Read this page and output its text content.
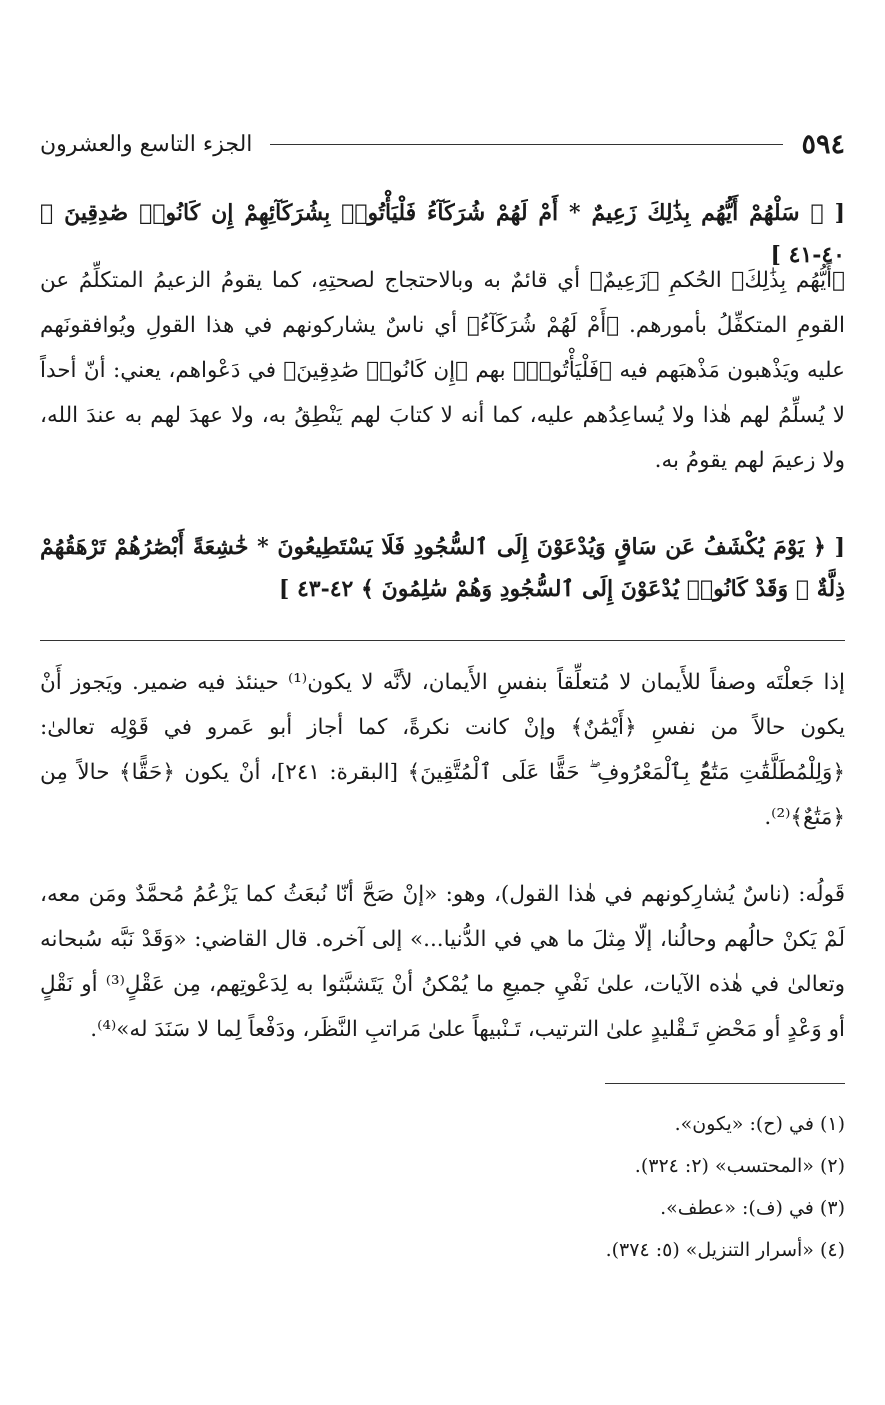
٥٩٤
الجزء التاسع والعشرون
[ ﴿ سَلْهُمْ أَيُّهُم بِذَٰلِكَ زَعِيمٌ * أَمْ لَهُمْ شُرَكَآءُ فَلْيَأْتُوا۟ بِشُرَكَآئِهِمْ إِن كَانُوا۟ صَٰدِقِينَ ﴾ ٤٠-٤١ ]
﴿أَيُّهُم بِذَٰلِكَ﴾ الحُكمِ ﴿زَعِيمٌ﴾ أي قائمٌ به وبالاحتجاج لصحتِهِ، كما يقومُ الزعيمُ المتكلِّمُ عن القومِ المتكفِّلُ بأمورهم. ﴿أَمْ لَهُمْ شُرَكَآءُ﴾ أي ناسٌ يشاركونهم في هذا القولِ ويُوافقونَهم عليه ويَذْهبون مَذْهبَهم فيه ﴿فَلْيَأْتُوا۟﴾ بهم ﴿إِن كَانُوا۟ صَٰدِقِينَ﴾ في دَعْواهم، يعني: أنّ أحداً لا يُسلِّمُ لهم هٰذا ولا يُساعِدُهم عليه، كما أنه لا كتابَ لهم يَنْطِقُ به، ولا عهدَ لهم به عندَ الله، ولا زعيمَ لهم يقومُ به.
[ ﴿ يَوْمَ يُكْشَفُ عَن سَاقٍ وَيُدْعَوْنَ إِلَى ٱلسُّجُودِ فَلَا يَسْتَطِيعُونَ * خَٰشِعَةً أَبْصَٰرُهُمْ تَرْهَقُهُمْ ذِلَّةٌ ۖ وَقَدْ كَانُوا۟ يُدْعَوْنَ إِلَى ٱلسُّجُودِ وَهُمْ سَٰلِمُونَ ﴾ ٤٢-٤٣ ]
إذا جَعلْتَه وصفاً للأَيمان لا مُتعلِّقاً بنفسِ الأَيمان، لأنَّه لا يكون⁽¹⁾ حينئذ فيه ضمير. ويَجوز أَنْ يكون حالاً من نفسِ ﴿أَيْمَٰنٌ﴾ وإنْ كانت نكرةً، كما أجاز أبو عَمرو في قَوْلِه تعالىٰ: ﴿وَلِلْمُطَلَّقَٰتِ مَتَٰعٌۢ بِٱلْمَعْرُوفِ ۖ حَقًّا عَلَى ٱلْمُتَّقِينَ﴾ [البقرة: ٢٤١]، أنْ يكون ﴿حَقًّا﴾ حالاً مِن ﴿مَتَٰعٌ﴾⁽²⁾.
قَولُه: (ناسٌ يُشارِكونهم في هٰذا القول)، وهو: «إنْ صَحَّ أنّا نُبعَثُ كما يَزْعُمُ مُحمَّدٌ ومَن معه، لَمْ يَكنْ حالُهم وحالُنا، إلّا مِثلَ ما هي في الدُّنيا...» إلى آخره. قال القاضي: «وَقَدْ نَبَّه سُبحانه وتعالىٰ في هٰذه الآيات، علىٰ نَفْيِ جميعِ ما يُمْكنُ أنْ يَتَشبَّثوا به لِدَعْوتِهم، مِن عَقْلٍ⁽³⁾ أو نَقْلٍ أو وَعْدٍ أو مَحْضِ تَـقْليدٍ علىٰ الترتيب، تَـنْبيهاً علىٰ مَراتبِ النَّظَر، ودَفْعاً لِما لا سَنَدَ له»⁽⁴⁾.
(١) في (ح): «يكون».
(٢) «المحتسب» (٢: ٣٢٤).
(٣) في (ف): «عطف».
(٤) «أسرار التنزيل» (٥: ٣٧٤).
